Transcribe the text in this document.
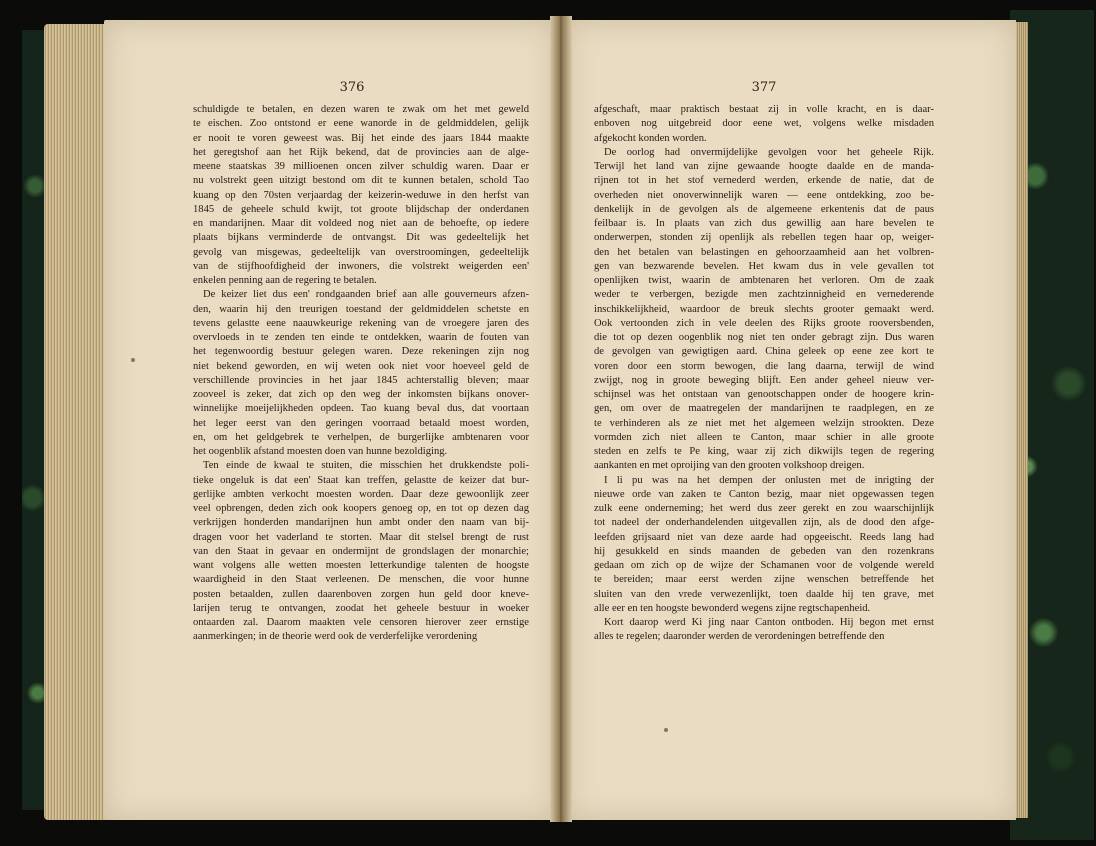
376	377
schuldigde te betalen, en dezen waren te zwak om het met geweld
te eischen. Zoo ontstond er eene wanorde in de geldmiddelen, gelijk
er nooit te voren geweest was. Bij het einde des jaars 1844 maakte
het geregtshof aan het Rijk bekend, dat de provincies aan de alge-
meene staatskas 39 millioenen oncen zilver schuldig waren. Daar er
nu volstrekt geen uitzigt bestond om dit te kunnen betalen, schold Tao
kuang op den 70sten verjaardag der keizerin-weduwe in den herfst van
1845 de geheele schuld kwijt, tot groote blijdschap der onderdanen
en mandarijnen. Maar dit voldeed nog niet aan de behoefte, op iedere
plaats bijkans verminderde de ontvangst. Dit was gedeeltelijk het
gevolg van misgewas, gedeeltelijk van overstroomingen, gedeeltelijk
van de stijfhoofdigheid der inwoners, die volstrekt weigerden een'
enkelen penning aan de regering te betalen.
De keizer liet dus een' rondgaanden brief aan alle gouverneurs afzen-
den, waarin hij den treurigen toestand der geldmiddelen schetste en
tevens gelastte eene naauwkeurige rekening van de vroegere jaren des
overvloeds in te zenden ten einde te ontdekken, waarin de fouten van
het tegenwoordig bestuur gelegen waren. Deze rekeningen zijn nog
niet bekend geworden, en wij weten ook niet voor hoeveel geld de
verschillende provincies in het jaar 1845 achterstallig bleven; maar
zooveel is zeker, dat zich op den weg der inkomsten bijkans onover-
winnelijke moeijelijkheden opdeen. Tao kuang beval dus, dat voortaan
het leger eerst van den geringen voorraad betaald moest worden,
en, om het geldgebrek te verhelpen, de burgerlijke ambtenaren voor
het oogenblik afstand moesten doen van hunne bezoldiging.
Ten einde de kwaal te stuiten, die misschien het drukkendste poli-
tieke ongeluk is dat een' Staat kan treffen, gelastte de keizer dat bur-
gerlijke ambten verkocht moesten worden. Daar deze gewoonlijk zeer
veel opbrengen, deden zich ook koopers genoeg op, en tot op dezen dag
verkrijgen honderden mandarijnen hun ambt onder den naam van bij-
dragen voor het vaderland te storten. Maar dit stelsel brengt de rust
van den Staat in gevaar en ondermijnt de grondslagen der monarchie;
want volgens alle wetten moesten letterkundige talenten de hoogste
waardigheid in den Staat verleenen. De menschen, die voor hunne
posten betaalden, zullen daarenboven zorgen hun geld door kneve-
larijen terug te ontvangen, zoodat het geheele bestuur in woeker
ontaarden zal. Daarom maakten vele censoren hierover zeer ernstige
aanmerkingen; in de theorie werd ook de verderfelijke verordening
afgeschaft, maar praktisch bestaat zij in volle kracht, en is daar-
enboven nog uitgebreid door eene wet, volgens welke misdaden
afgekocht konden worden.
De oorlog had onvermijdelijke gevolgen voor het geheele Rijk.
Terwijl het land van zijne gewaande hoogte daalde en de manda-
rijnen tot in het stof vernederd werden, erkende de natie, dat de
overheden niet onoverwinnelijk waren — eene ontdekking, zoo be-
denkelijk in de gevolgen als de algemeene erkentenis dat de paus
feilbaar is. In plaats van zich dus gewillig aan hare bevelen te
onderwerpen, stonden zij openlijk als rebellen tegen haar op, weiger-
den het betalen van belastingen en gehoorzaamheid aan het volbren-
gen van bezwarende bevelen. Het kwam dus in vele gevallen tot
openlijken twist, waarin de ambtenaren het verloren. Om de zaak
weder te verbergen, bezigde men zachtzinnigheid en vernederende
inschikkelijkheid, waardoor de breuk slechts grooter gemaakt werd.
Ook vertoonden zich in vele deelen des Rijks groote rooversbenden,
die tot op dezen oogenblik nog niet ten onder gebragt zijn. Dus waren
de gevolgen van gewigtigen aard. China geleek op eene zee kort te
voren door een storm bewogen, die lang daarna, terwijl de wind
zwijgt, nog in groote beweging blijft. Een ander geheel nieuw ver-
schijnsel was het ontstaan van genootschappen onder de hoogere krin-
gen, om over de maatregelen der mandarijnen te raadplegen, en ze
te verhinderen als ze niet met het algemeen welzijn strookten. Deze
vormden zich niet alleen te Canton, maar schier in alle groote
steden en zelfs te Pe king, waar zij zich dikwijls tegen de regering
aankanten en met oproijing van den grooten volkshoop dreigen.
I li pu was na het dempen der onlusten met de inrigting der
nieuwe orde van zaken te Canton bezig, maar niet opgewassen tegen
zulk eene onderneming; het werd dus zeer gerekt en zou waarschijnlijk
tot nadeel der onderhandelenden uitgevallen zijn, als de dood den afge-
leefden grijsaard niet van deze aarde had opgeeischt. Reeds lang had
hij gesukkeld en sinds maanden de gebeden van den rozenkrans
gedaan om zich op de wijze der Schamanen voor de volgende wereld
te bereiden; maar eerst werden zijne wenschen betreffende het
sluiten van den vrede verwezenlijkt, toen daalde hij ten grave, met
alle eer en ten hoogste bewonderd wegens zijne regtschapenheid.
Kort daarop werd Ki jing naar Canton ontboden. Hij begon met ernst
alles te regelen; daaronder werden de verordeningen betreffende den
